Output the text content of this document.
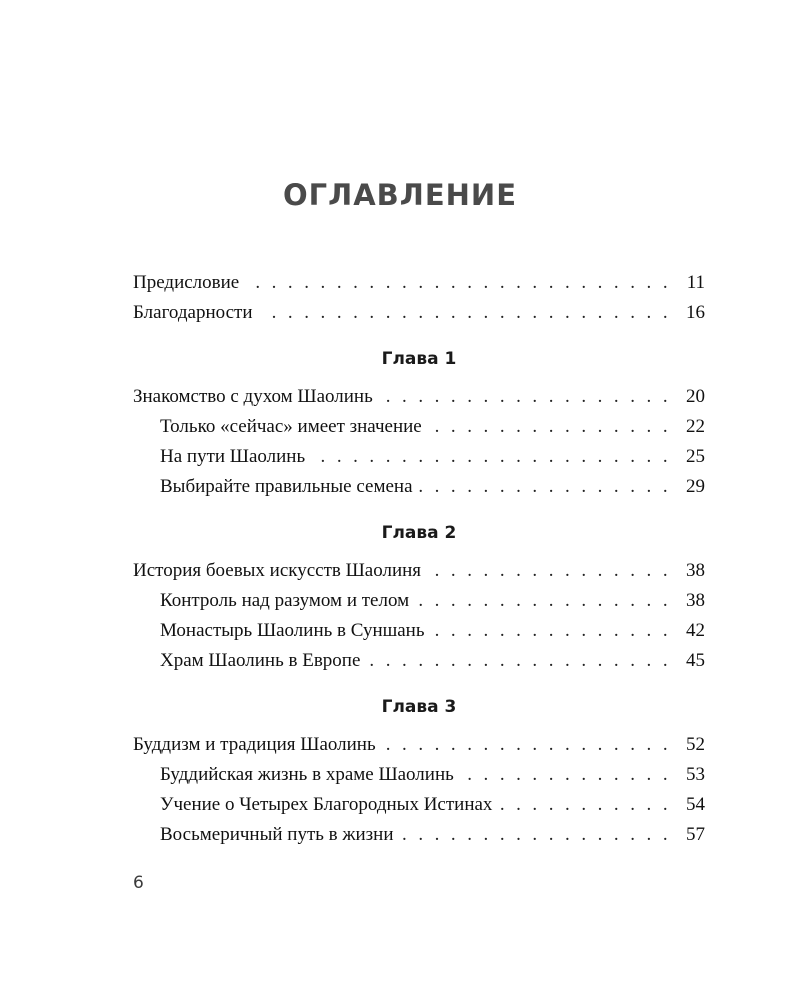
ОГЛАВЛЕНИЕ
Предисловие . . .	11
Благодарности . . .	16
Глава 1
Знакомство с духом Шаолинь . . .	20
Только «сейчас» имеет значение . . .	22
На пути Шаолинь . . .	25
Выбирайте правильные семена . . .	29
Глава 2
История боевых искусств Шаолиня . . .	38
Контроль над разумом и телом . . .	38
Монастырь Шаолинь в Суншань . . .	42
Храм Шаолинь в Европе . . .	45
Глава 3
Буддизм и традиция Шаолинь . . .	52
Буддийская жизнь в храме Шаолинь . . .	53
Учение о Четырех Благородных Истинах . . .	54
Восьмеричный путь в жизни . . .	57
6
